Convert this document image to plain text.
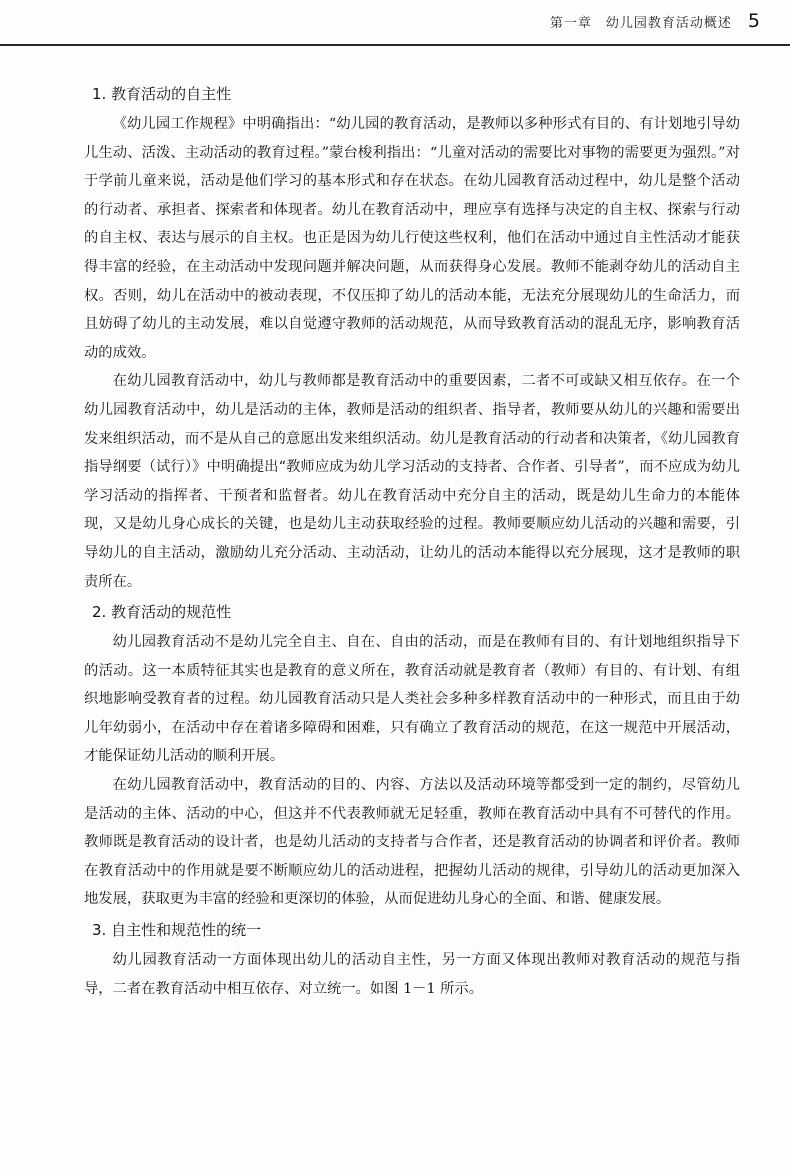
第一章　幼儿园教育活动概述 5
1. 教育活动的自主性

《幼儿园工作规程》中明确指出：“幼儿园的教育活动，是教师以多种形式有目的、有计划地引导幼儿生动、活泼、主动活动的教育过程。”蒙台梭利指出：“儿童对活动的需要比对事物的需要更为强烈。”对于学前儿童来说，活动是他们学习的基本形式和存在状态。在幼儿园教育活动过程中，幼儿是整个活动的行动者、承担者、探索者和体现者。幼儿在教育活动中，理应享有选择与决定的自主权、探索与行动的自主权、表达与展示的自主权。也正是因为幼儿行使这些权利，他们在活动中通过自主性活动才能获得丰富的经验，在主动活动中发现问题并解决问题，从而获得身心发展。教师不能剥夺幼儿的活动自主权。否则，幼儿在活动中的被动表现，不仅压抑了幼儿的活动本能，无法充分展现幼儿的生命活力，而且妨碍了幼儿的主动发展，难以自觉遵守教师的活动规范，从而导致教育活动的混乱无序，影响教育活动的成效。

在幼儿园教育活动中，幼儿与教师都是教育活动中的重要因素，二者不可或缺又相互依存。在一个幼儿园教育活动中，幼儿是活动的主体，教师是活动的组织者、指导者，教师要从幼儿的兴趣和需要出发来组织活动，而不是从自己的意愿出发来组织活动。幼儿是教育活动的行动者和决策者，《幼儿园教育指导纲要（试行）》中明确提出“教师应成为幼儿学习活动的支持者、合作者、引导者”，而不应成为幼儿学习活动的指挥者、干预者和监督者。幼儿在教育活动中充分自主的活动，既是幼儿生命力的本能体现，又是幼儿身心成长的关键，也是幼儿主动获取经验的过程。教师要顺应幼儿活动的兴趣和需要，引导幼儿的自主活动，激励幼儿充分活动、主动活动，让幼儿的活动本能得以充分展现，这才是教师的职责所在。

2. 教育活动的规范性

幼儿园教育活动不是幼儿完全自主、自在、自由的活动，而是在教师有目的、有计划地组织指导下的活动。这一本质特征其实也是教育的意义所在，教育活动就是教育者（教师）有目的、有计划、有组织地影响受教育者的过程。幼儿园教育活动只是人类社会多种多样教育活动中的一种形式，而且由于幼儿年幼弱小，在活动中存在着诸多障碍和困难，只有确立了教育活动的规范，在这一规范中开展活动，才能保证幼儿活动的顺利开展。

在幼儿园教育活动中，教育活动的目的、内容、方法以及活动环境等都受到一定的制约，尽管幼儿是活动的主体、活动的中心，但这并不代表教师就无足轻重，教师在教育活动中具有不可替代的作用。教师既是教育活动的设计者，也是幼儿活动的支持者与合作者，还是教育活动的协调者和评价者。教师在教育活动中的作用就是要不断顺应幼儿的活动进程，把握幼儿活动的规律，引导幼儿的活动更加深入地发展，获取更为丰富的经验和更深切的体验，从而促进幼儿身心的全面、和谐、健康发展。

3. 自主性和规范性的统一

幼儿园教育活动一方面体现出幼儿的活动自主性，另一方面又体现出教师对教育活动的规范与指导，二者在教育活动中相互依存、对立统一。如图 1－1 所示。
